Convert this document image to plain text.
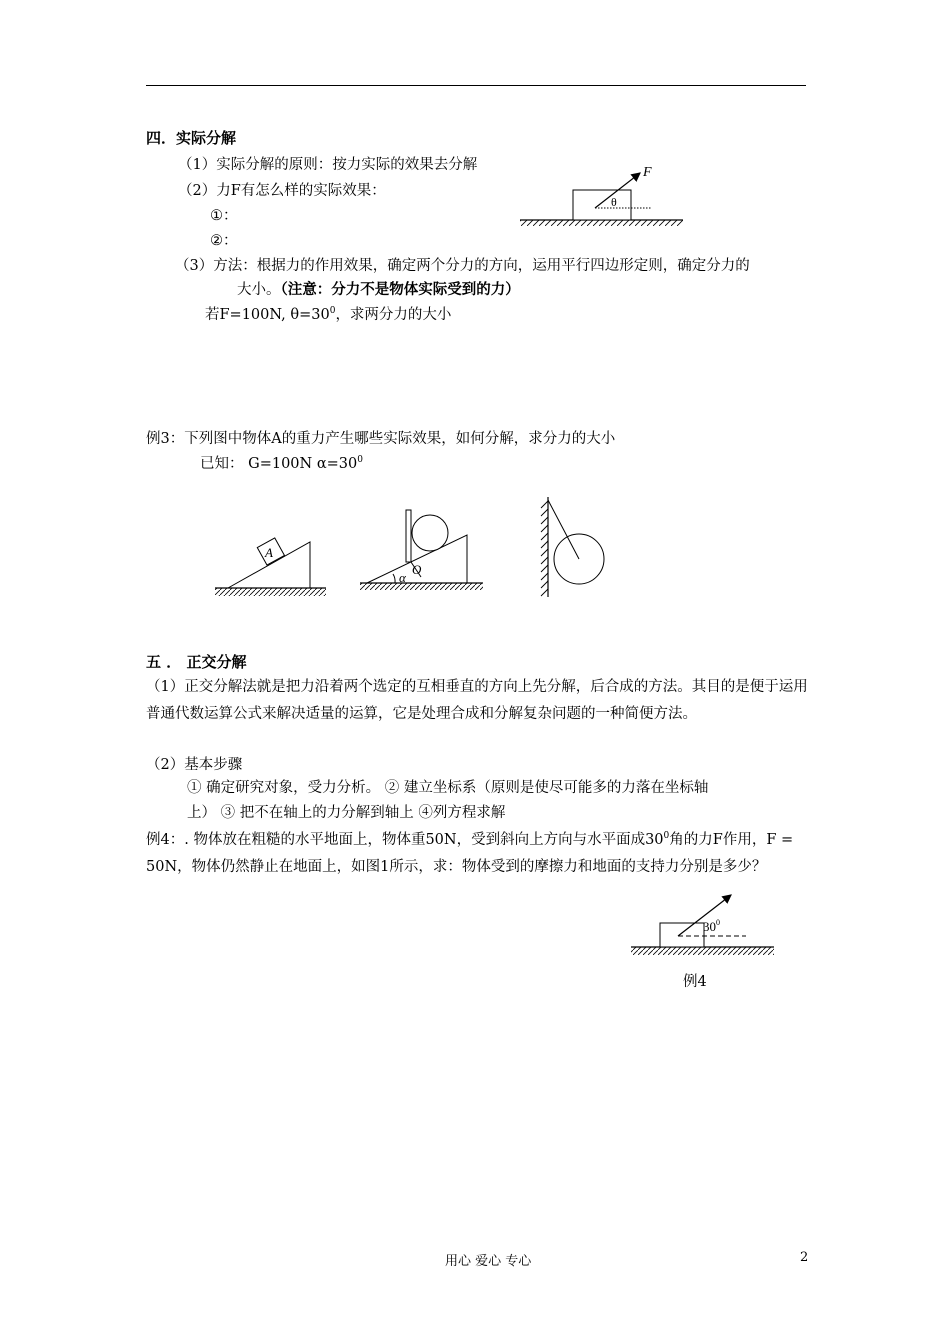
四．实际分解
（1）实际分解的原则：按力实际的效果去分解
（2）力F有怎么样的实际效果：
①：
②：
（3）方法：根据力的作用效果，确定两个分力的方向，运用平行四边形定则，确定分力的
大小。（注意：分力不是物体实际受到的力）
若F=100N, $\theta=30^0$，求两分力的大小
F
θ
例3：下列图中物体A的重力产生哪些实际效果，如何分解，求分力的大小
已知： G=100N $\alpha=30^0$
A
α
O
五 ． 正交分解
（1）正交分解法就是把力沿着两个选定的互相垂直的方向上先分解，后合成的方法。其目的是便于运用普通代数运算公式来解决适量的运算，它是处理合成和分解复杂问题的一种简便方法。
（2）基本步骤
① 确定研究对象，受力分析。 ② 建立坐标系（原则是使尽可能多的力落在坐标轴
上） ③ 把不在轴上的力分解到轴上 ④列方程求解
例4：. 物体放在粗糙的水平地面上，物体重50N，受到斜向上方向与水平面成$30^0$角的力F作用，F = 50N，物体仍然静止在地面上，如图1所示，求：物体受到的摩擦力和地面的支持力分别是多少？
$30^0$
例4
用心 爱心 专心	2
